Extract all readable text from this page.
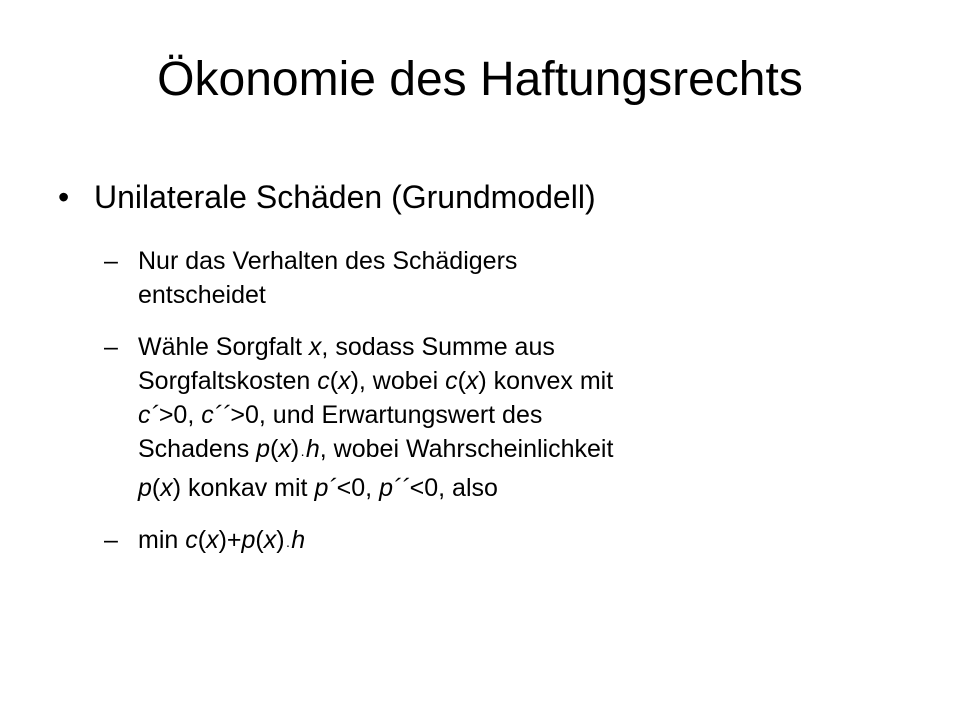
Ökonomie des Haftungsrechts
• Unilaterale Schäden (Grundmodell)
– Nur das Verhalten des Schädigers
entscheidet
– Wähle Sorgfalt x, sodass Summe aus
Sorgfaltskosten c(x), wobei c(x) konvex mit
c´>0, c´´>0, und Erwartungswert des
Schadens p(x)·h, wobei Wahrscheinlichkeit
p(x) konkav mit p´<0, p´´<0, also
– min c(x)+p(x)·h
